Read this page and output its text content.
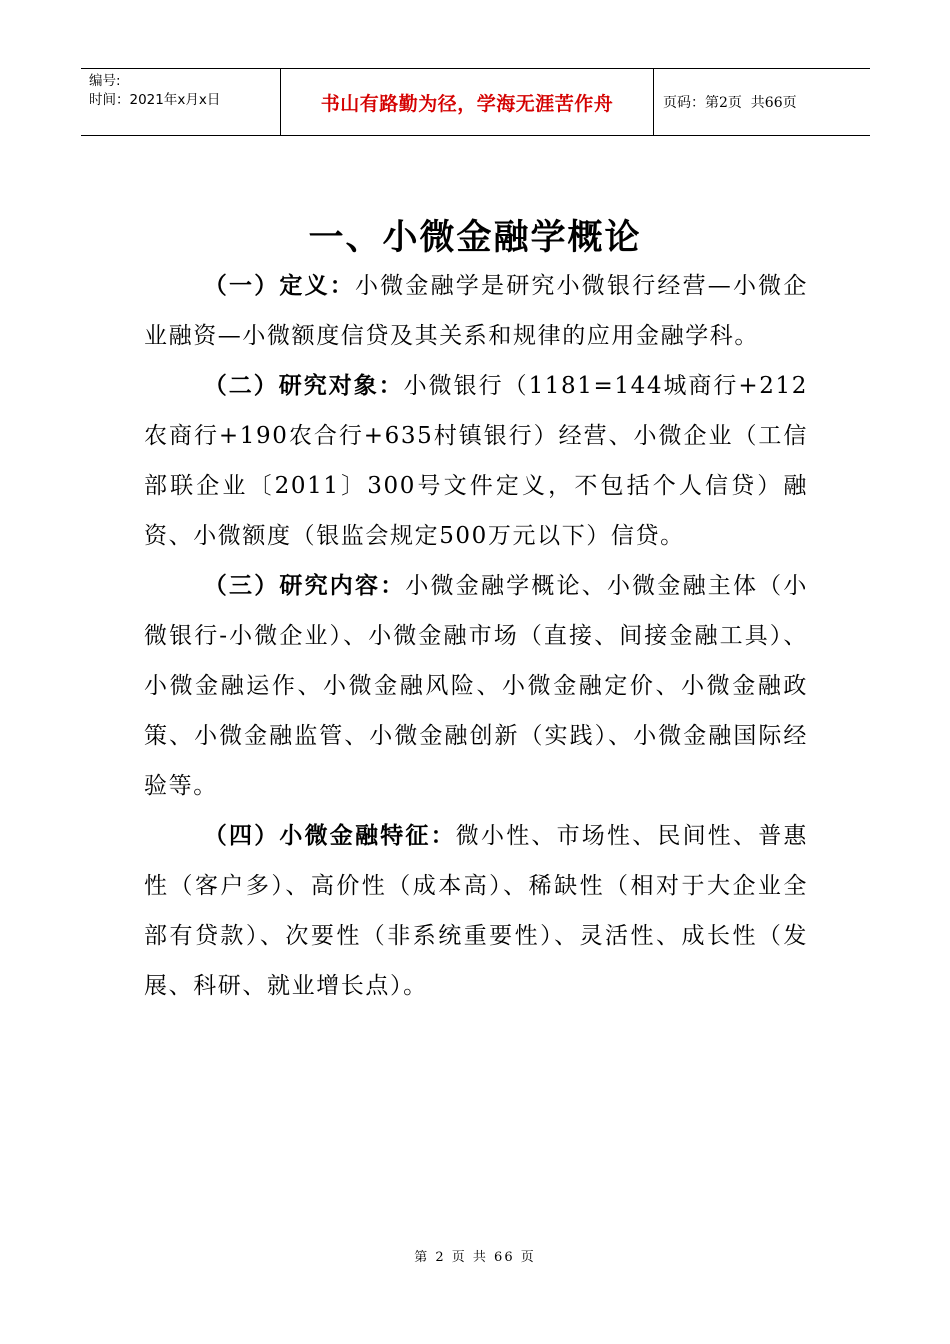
编号:
时间：2021年x月x日	书山有路勤为径，学海无涯苦作舟	页码：第2页  共66页
一、小微金融学概论

（一）定义：小微金融学是研究小微银行经营—小微企业融资—小微额度信贷及其关系和规律的应用金融学科。

（二）研究对象：小微银行（1181=144城商行+212农商行+190农合行+635村镇银行）经营、小微企业（工信部联企业〔2011〕300号文件定义，不包括个人信贷）融资、小微额度（银监会规定500万元以下）信贷。

（三）研究内容：小微金融学概论、小微金融主体（小微银行-小微企业）、小微金融市场（直接、间接金融工具）、小微金融运作、小微金融风险、小微金融定价、小微金融政策、小微金融监管、小微金融创新（实践）、小微金融国际经验等。

（四）小微金融特征：微小性、市场性、民间性、普惠性（客户多）、高价性（成本高）、稀缺性（相对于大企业全部有贷款）、次要性（非系统重要性）、灵活性、成长性（发展、科研、就业增长点）。

第 2 页 共 66 页
